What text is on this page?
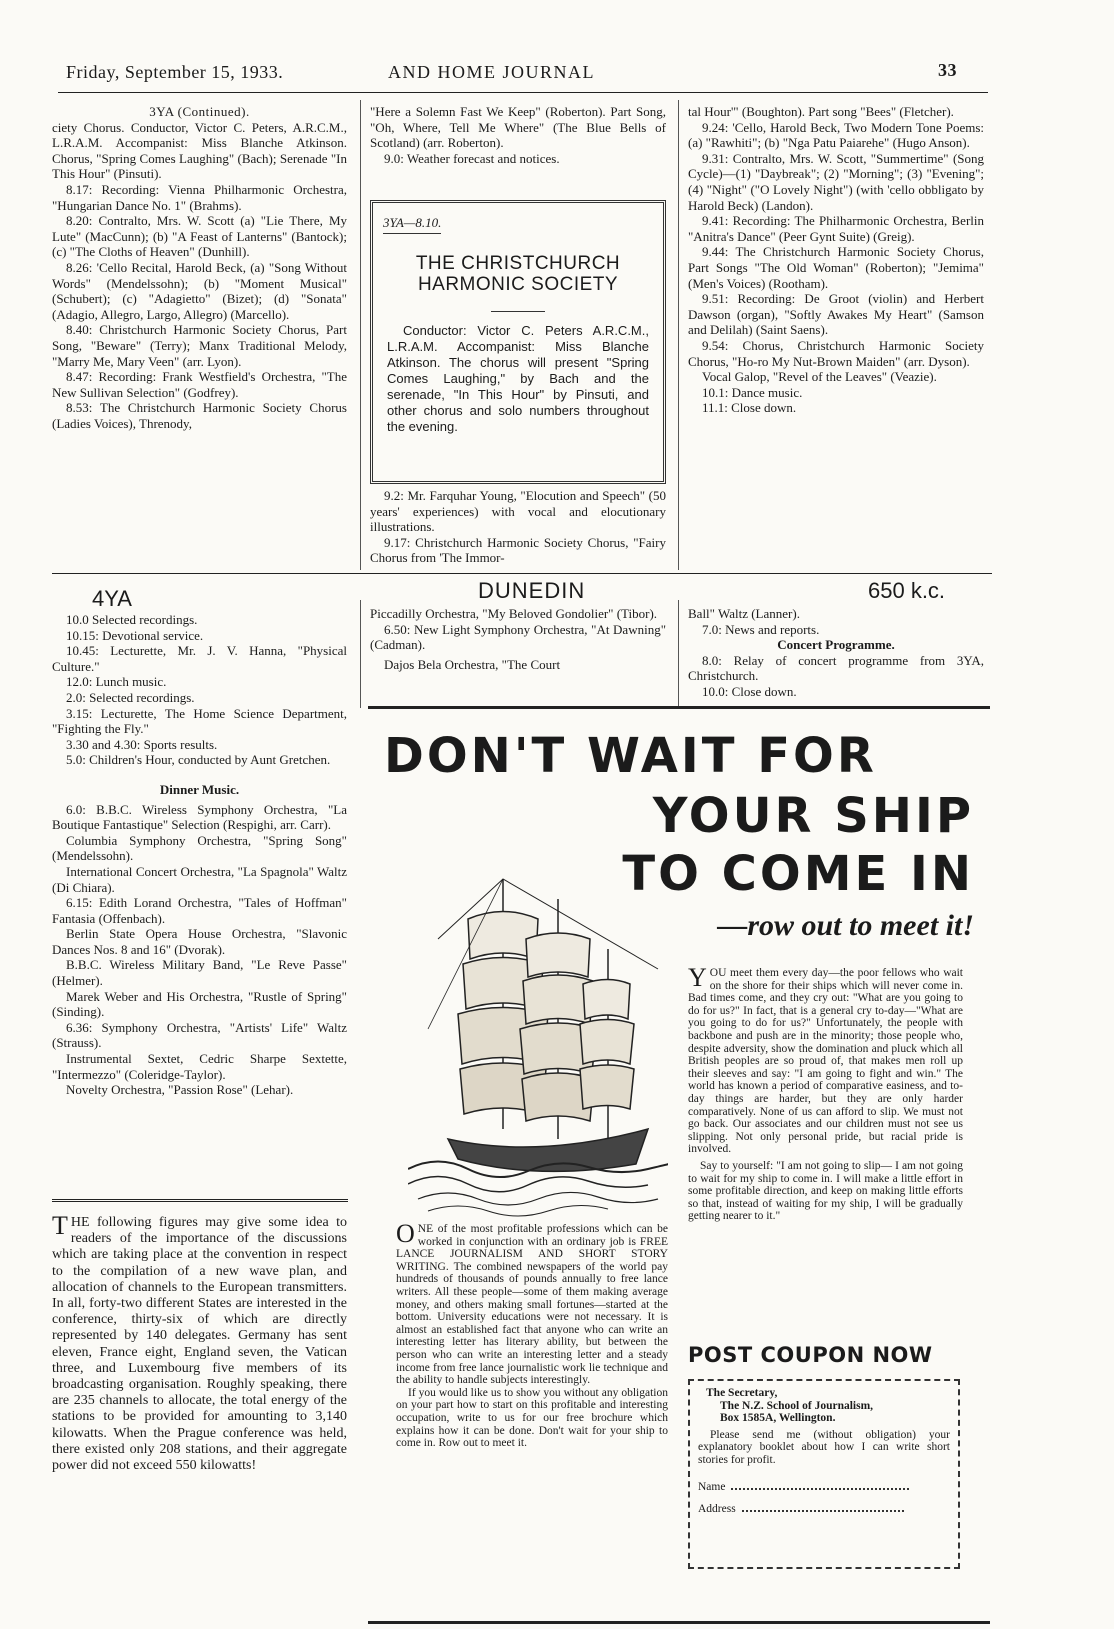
Friday, September 15, 1933.	AND HOME JOURNAL	33

3YA (Continued).

ciety Chorus. Conductor, Victor C. Peters, A.R.C.M., L.R.A.M. Accompanist: Miss Blanche Atkinson. Chorus, "Spring Comes Laughing" (Bach); Serenade "In This Hour" (Pinsuti).

8.17: Recording: Vienna Philharmonic Orchestra, "Hungarian Dance No. 1" (Brahms).

8.20: Contralto, Mrs. W. Scott (a) "Lie There, My Lute" (MacCunn); (b) "A Feast of Lanterns" (Bantock); (c) "The Cloths of Heaven" (Dunhill).

8.26: 'Cello Recital, Harold Beck, (a) "Song Without Words" (Mendelssohn); (b) "Moment Musical" (Schubert); (c) "Adagietto" (Bizet); (d) "Sonata" (Adagio, Allegro, Largo, Allegro) (Marcello).

8.40: Christchurch Harmonic Society Chorus, Part Song, "Beware" (Terry); Manx Traditional Melody, "Marry Me, Mary Veen" (arr. Lyon).

8.47: Recording: Frank Westfield's Orchestra, "The New Sullivan Selection" (Godfrey).

8.53: The Christchurch Harmonic Society Chorus (Ladies Voices), Threnody,

"Here a Solemn Fast We Keep" (Roberton). Part Song, "Oh, Where, Tell Me Where" (The Blue Bells of Scotland) (arr. Roberton).

9.0: Weather forecast and notices.

3YA—8.10.
THE CHRISTCHURCH HARMONIC SOCIETY
Conductor: Victor C. Peters A.R.C.M., L.R.A.M. Accompanist: Miss Blanche Atkinson. The chorus will present "Spring Comes Laughing," by Bach and the serenade, "In This Hour" by Pinsuti, and other chorus and solo numbers throughout the evening.

9.2: Mr. Farquhar Young, "Elocution and Speech" (50 years' experiences) with vocal and elocutionary illustrations.

9.17: Christchurch Harmonic Society Chorus, "Fairy Chorus from 'The Immor-

tal Hour'" (Boughton). Part song "Bees" (Fletcher).

9.24: 'Cello, Harold Beck, Two Modern Tone Poems: (a) "Rawhiti"; (b) "Nga Patu Paiarehe" (Hugo Anson).

9.31: Contralto, Mrs. W. Scott, "Summertime" (Song Cycle)—(1) "Daybreak"; (2) "Morning"; (3) "Evening"; (4) "Night" ("O Lovely Night") (with 'cello obbligato by Harold Beck) (Landon).

9.41: Recording: The Philharmonic Orchestra, Berlin "Anitra's Dance" (Peer Gynt Suite) (Greig).

9.44: The Christchurch Harmonic Society Chorus, Part Songs "The Old Woman" (Roberton); "Jemima" (Men's Voices) (Rootham).

9.51: Recording: De Groot (violin) and Herbert Dawson (organ), "Softly Awakes My Heart" (Samson and Delilah) (Saint Saens).

9.54: Chorus, Christchurch Harmonic Society Chorus, "Ho-ro My Nut-Brown Maiden" (arr. Dyson).

Vocal Galop, "Revel of the Leaves" (Veazie).

10.1: Dance music.

11.1: Close down.

4YA	DUNEDIN	650 k.c.

10.0 Selected recordings.

10.15: Devotional service.

10.45: Lecturette, Mr. J. V. Hanna, "Physical Culture."

12.0: Lunch music.

2.0: Selected recordings.

3.15: Lecturette, The Home Science Department, "Fighting the Fly."

3.30 and 4.30: Sports results.

5.0: Children's Hour, conducted by Aunt Gretchen.

Dinner Music.

6.0: B.B.C. Wireless Symphony Orchestra, "La Boutique Fantastique" Selection (Respighi, arr. Carr).

Columbia Symphony Orchestra, "Spring Song" (Mendelssohn).

International Concert Orchestra, "La Spagnola" Waltz (Di Chiara).

6.15: Edith Lorand Orchestra, "Tales of Hoffman" Fantasia (Offenbach).

Berlin State Opera House Orchestra, "Slavonic Dances Nos. 8 and 16" (Dvorak).

B.B.C. Wireless Military Band, "Le Reve Passe" (Helmer).

Marek Weber and His Orchestra, "Rustle of Spring" (Sinding).

6.36: Symphony Orchestra, "Artists' Life" Waltz (Strauss).

Instrumental Sextet, Cedric Sharpe Sextette, "Intermezzo" (Coleridge-Taylor).

Novelty Orchestra, "Passion Rose" (Lehar).

Piccadilly Orchestra, "My Beloved Gondolier" (Tibor).

6.50: New Light Symphony Orchestra, "At Dawning" (Cadman).

Dajos Bela Orchestra, "The Court

Ball" Waltz (Lanner).

7.0: News and reports.

Concert Programme.

8.0: Relay of concert programme from 3YA, Christchurch.

10.0: Close down.

THE following figures may give some idea to readers of the importance of the discussions which are taking place at the convention in respect to the compilation of a new wave plan, and allocation of channels to the European transmitters. In all, forty-two different States are interested in the conference, thirty-six of which are directly represented by 140 delegates. Germany has sent eleven, France eight, England seven, the Vatican three, and Luxembourg five members of its broadcasting organisation. Roughly speaking, there are 235 channels to allocate, the total energy of the stations to be provided for amounting to 3,140 kilowatts. When the Prague conference was held, there existed only 208 stations, and their aggregate power did not exceed 550 kilowatts!

DON'T WAIT FOR
YOUR SHIP
TO COME IN
—row out to meet it!

YOU meet them every day—the poor fellows who wait on the shore for their ships which will never come in. Bad times come, and they cry out: "What are you going to do for us?" In fact, that is a general cry to-day—"What are you going to do for us?" Unfortunately, the people with backbone and push are in the minority; those people who, despite adversity, show the domination and pluck which all British peoples are so proud of, that makes men roll up their sleeves and say: "I am going to fight and win." The world has known a period of comparative easiness, and to-day things are harder, but they are only harder comparatively. None of us can afford to slip. We must not go back. Our associates and our children must not see us slipping. Not only personal pride, but racial pride is involved.

Say to yourself: "I am not going to slip— I am not going to wait for my ship to come in. I will make a little effort in some profitable direction, and keep on making little efforts so that, instead of waiting for my ship, I will be gradually getting nearer to it."

ONE of the most profitable professions which can be worked in conjunction with an ordinary job is FREE LANCE JOURNALISM AND SHORT STORY WRITING. The combined newspapers of the world pay hundreds of thousands of pounds annually to free lance writers. All these people—some of them making average money, and others making small fortunes—started at the bottom. University educations were not necessary. It is almost an established fact that anyone who can write an interesting letter has literary ability, but between the person who can write an interesting letter and a steady income from free lance journalistic work lie technique and the ability to handle subjects interestingly.

If you would like us to show you without any obligation on your part how to start on this profitable and interesting occupation, write to us for our free brochure which explains how it can be done. Don't wait for your ship to come in. Row out to meet it.

POST COUPON NOW
The Secretary,
The N.Z. School of Journalism,
Box 1585A, Wellington.
Please send me (without obligation) your explanatory booklet about how I can write short stories for profit.
Name
Address
